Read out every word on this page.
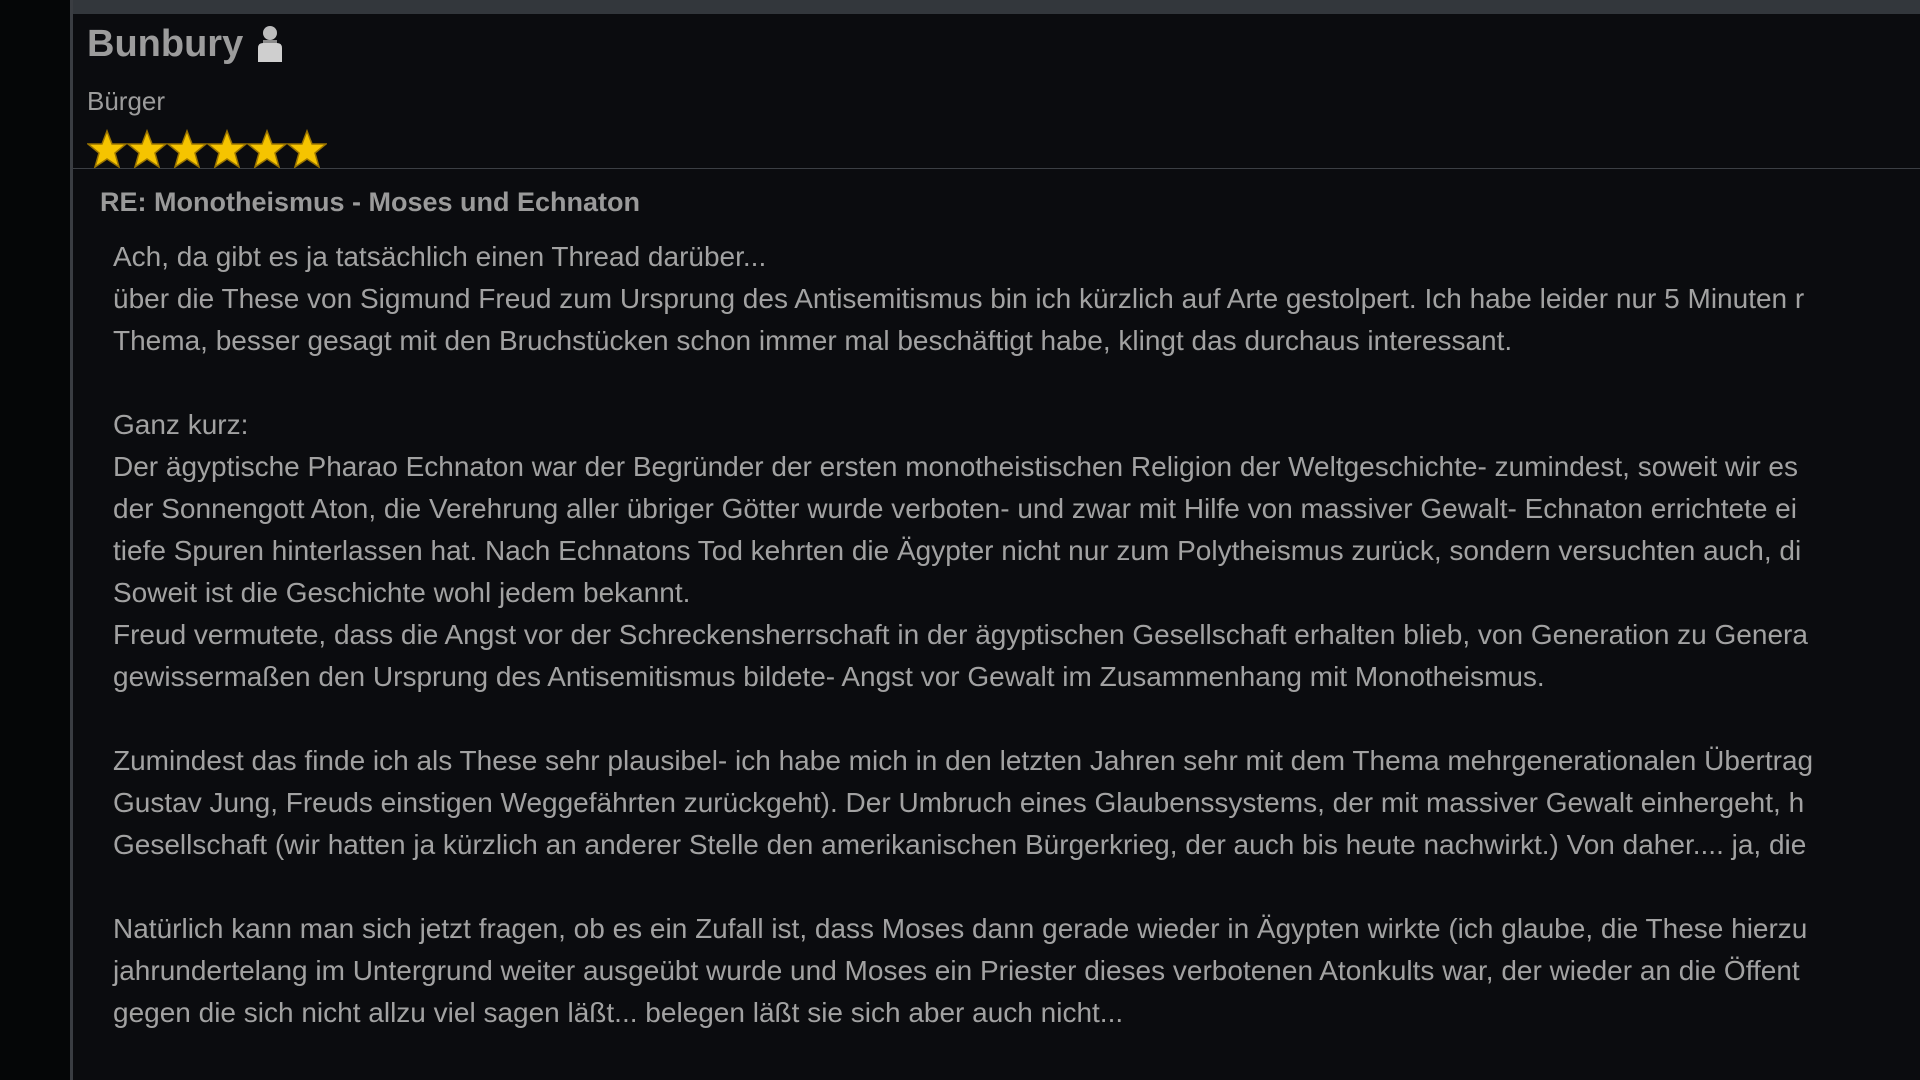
Bunbury
Bürger
RE: Monotheismus - Moses und Echnaton
Ach, da gibt es ja tatsächlich einen Thread darüber...
über die These von Sigmund Freud zum Ursprung des Antisemitismus bin ich kürzlich auf Arte gestolpert. Ich habe leider nur 5 Minuten r
Thema, besser gesagt mit den Bruchstücken schon immer mal beschäftigt habe, klingt das durchaus interessant.
Ganz kurz:
Der ägyptische Pharao Echnaton war der Begründer der ersten monotheistischen Religion der Weltgeschichte- zumindest, soweit wir es
der Sonnengott Aton, die Verehrung aller übriger Götter wurde verboten- und zwar mit Hilfe von massiver Gewalt- Echnaton errichtete ei
tiefe Spuren hinterlassen hat. Nach Echnatons Tod kehrten die Ägypter nicht nur zum Polytheismus zurück, sondern versuchten auch, di
Soweit ist die Geschichte wohl jedem bekannt.
Freud vermutete, dass die Angst vor der Schreckensherrschaft in der ägyptischen Gesellschaft erhalten blieb, von Generation zu Genera
gewissermaßen den Ursprung des Antisemitismus bildete- Angst vor Gewalt im Zusammenhang mit Monotheismus.
Zumindest das finde ich als These sehr plausibel- ich habe mich in den letzten Jahren sehr mit dem Thema mehrgenerationalen Übertrag
Gustav Jung, Freuds einstigen Weggefährten zurückgeht). Der Umbruch eines Glaubenssystems, der mit massiver Gewalt einhergeht, h
Gesellschaft (wir hatten ja kürzlich an anderer Stelle den amerikanischen Bürgerkrieg, der auch bis heute nachwirkt.) Von daher.... ja, die
Natürlich kann man sich jetzt fragen, ob es ein Zufall ist, dass Moses dann gerade wieder in Ägypten wirkte (ich glaube, die These hierzu
jahrundertelang im Untergrund weiter ausgeübt wurde und Moses ein Priester dieses verbotenen Atonkults war, der wieder an die Öffent
gegen die sich nicht allzu viel sagen läßt... belegen läßt sie sich aber auch nicht...
